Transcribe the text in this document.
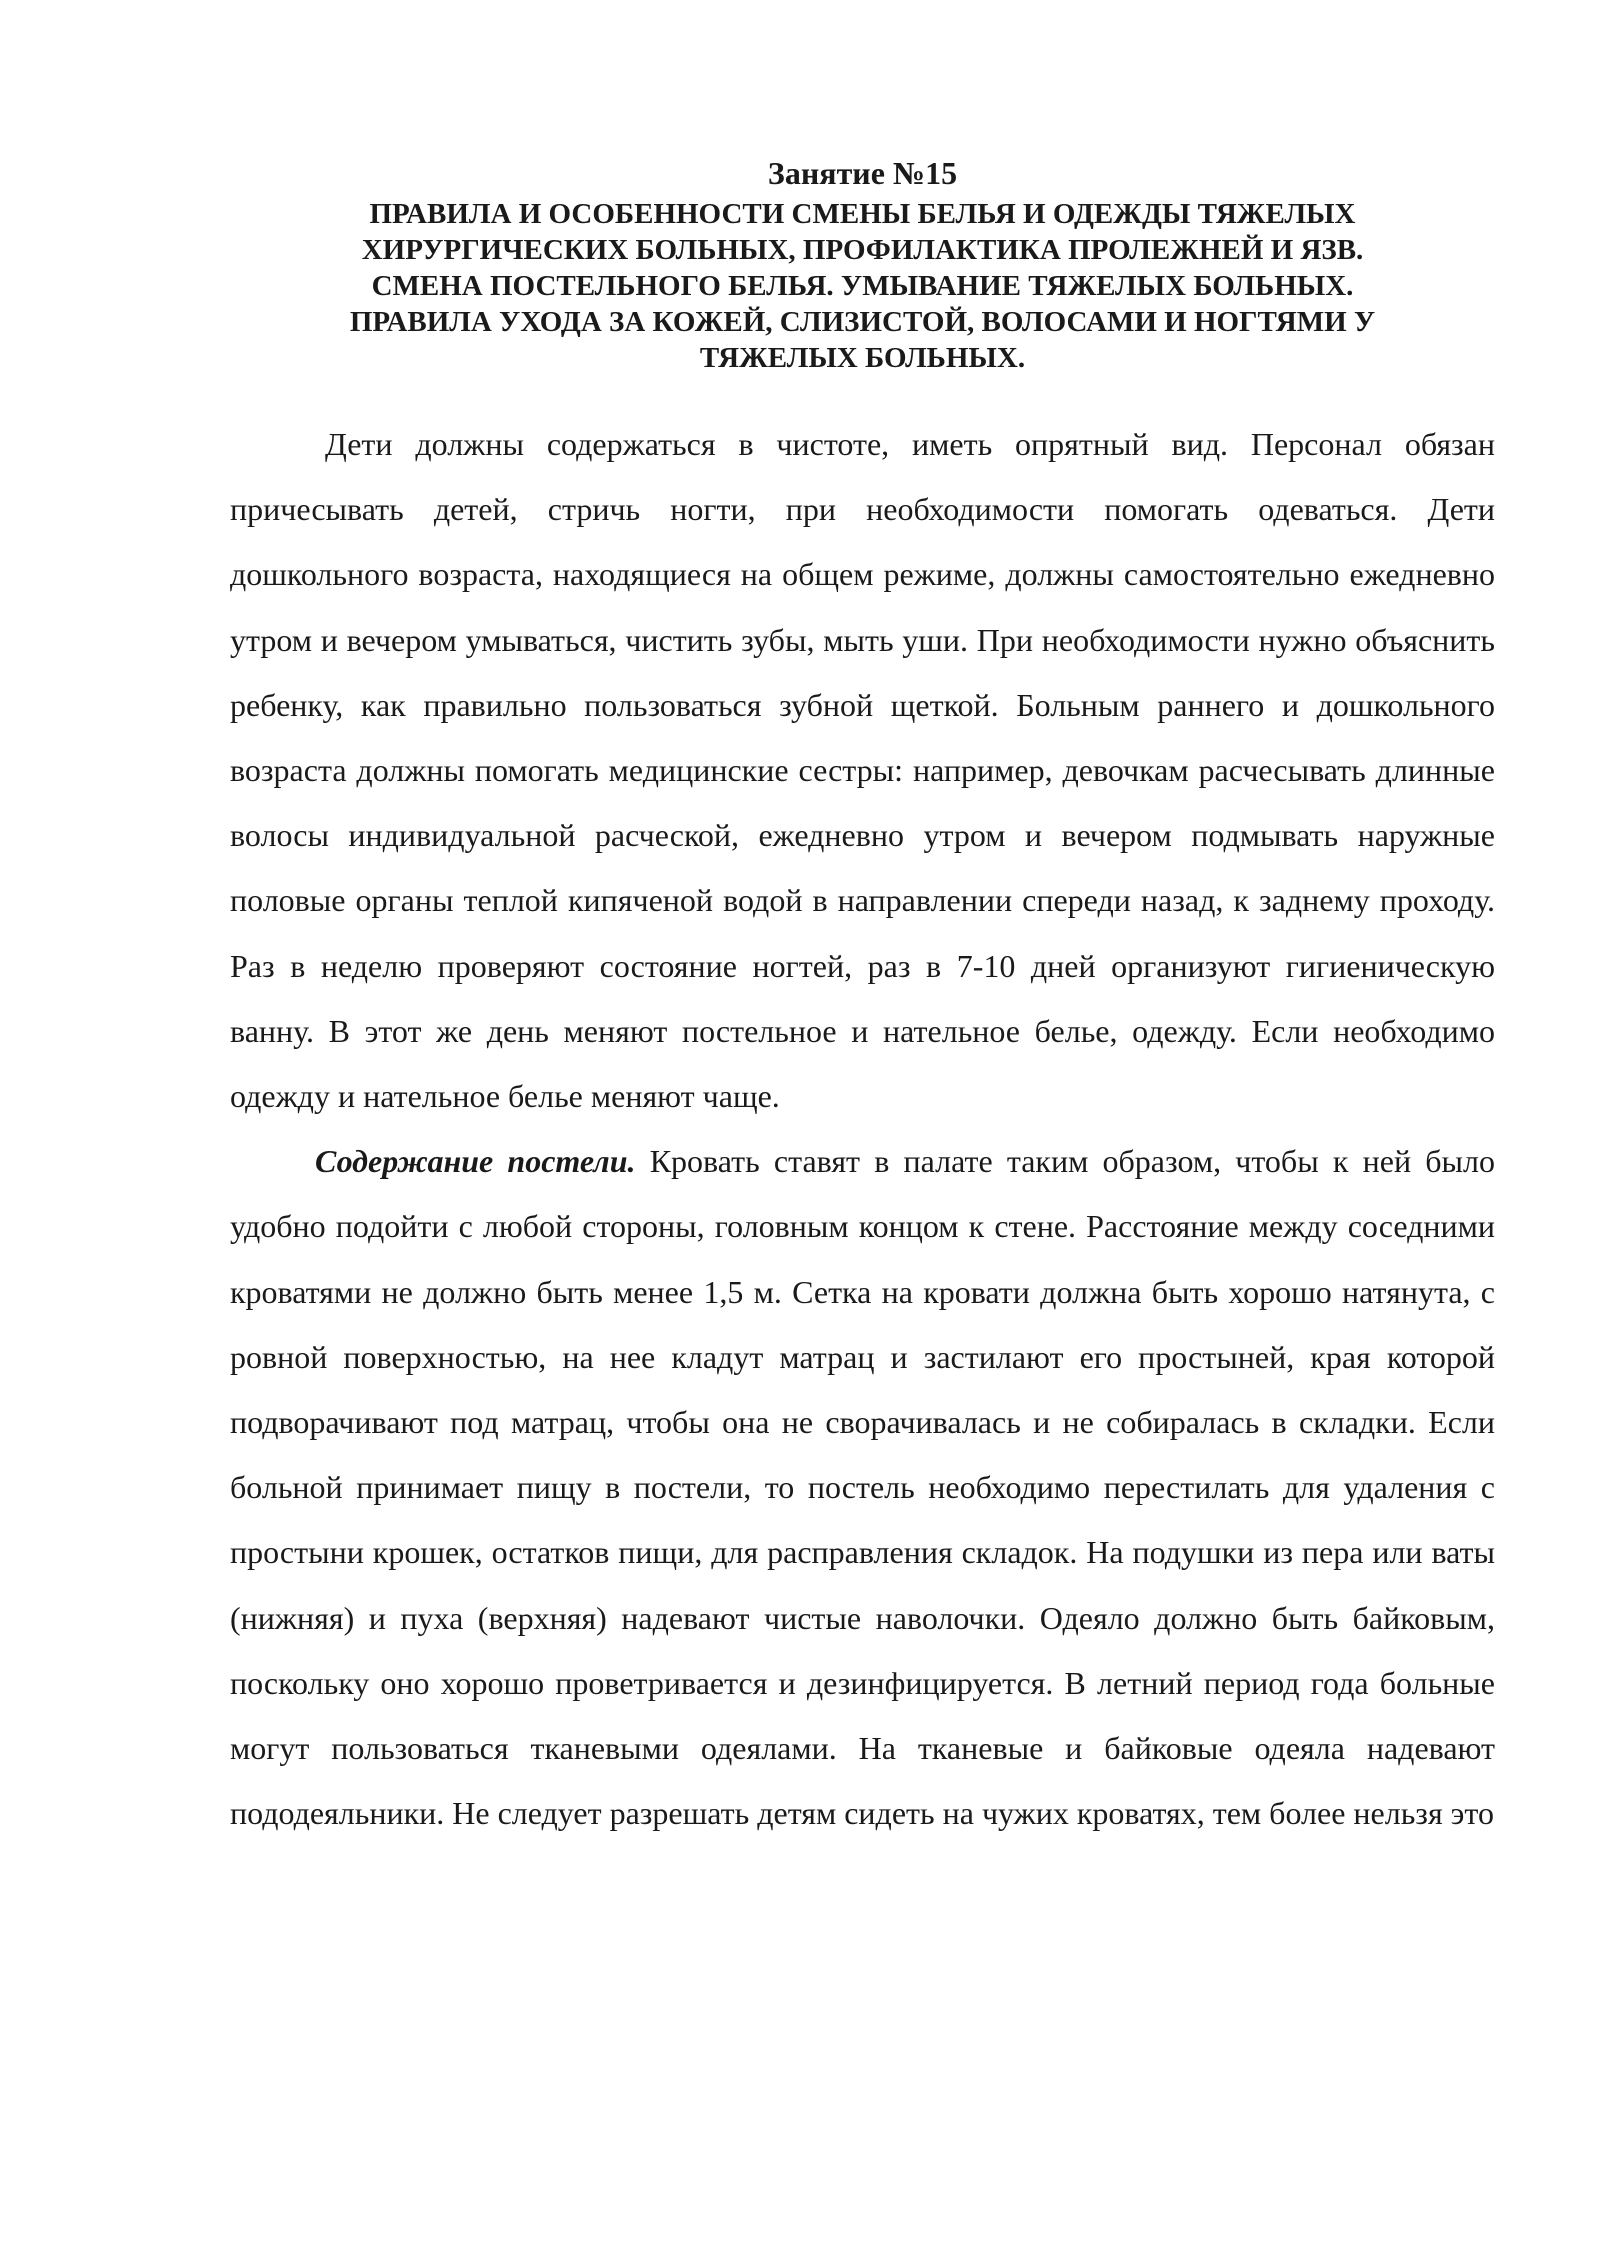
Занятие №15

ПРАВИЛА И ОСОБЕННОСТИ СМЕНЫ БЕЛЬЯ И ОДЕЖДЫ ТЯЖЕЛЫХ

ХИРУРГИЧЕСКИХ БОЛЬНЫХ, ПРОФИЛАКТИКА ПРОЛЕЖНЕЙ И ЯЗВ.

СМЕНА ПОСТЕЛЬНОГО БЕЛЬЯ. УМЫВАНИЕ ТЯЖЕЛЫХ БОЛЬНЫХ.

ПРАВИЛА УХОДА ЗА КОЖЕЙ, СЛИЗИСТОЙ, ВОЛОСАМИ И НОГТЯМИ У

ТЯЖЕЛЫХ БОЛЬНЫХ.

Дети должны содержаться в чистоте, иметь опрятный вид. Персонал обязан причесывать детей, стричь ногти, при необходимости помогать одеваться. Дети дошкольного возраста, находящиеся на общем режиме, должны самостоятельно ежедневно утром и вечером умываться, чистить зубы, мыть уши. При необходимости нужно объяснить ребенку, как правильно пользоваться зубной щеткой. Больным раннего и дошкольного возраста должны помогать медицинские сестры: например, девочкам расчесывать длинные волосы индивидуальной расческой, ежедневно утром и вечером подмывать наружные половые органы теплой кипяченой водой в направлении спереди назад, к заднему проходу. Раз в неделю проверяют состояние ногтей, раз в 7-10 дней организуют гигиеническую ванну. В этот же день меняют постельное и нательное белье, одежду. Если необходимо одежду и нательное белье меняют чаще.

Содержание постели. Кровать ставят в палате таким образом, чтобы к ней было удобно подойти с любой стороны, головным концом к стене. Расстояние между соседними кроватями не должно быть менее 1,5 м. Сетка на кровати должна быть хорошо натянута, с ровной поверхностью, на нее кладут матрац и застилают его простыней, края которой подворачивают под матрац, чтобы она не сворачивалась и не собиралась в складки. Если больной принимает пищу в постели, то постель необходимо перестилать для удаления с простыни крошек, остатков пищи, для расправления складок. На подушки из пера или ваты (нижняя) и пуха (верхняя) надевают чистые наволочки. Одеяло должно быть байковым, поскольку оно хорошо проветривается и дезинфицируется. В летний период года больные могут пользоваться тканевыми одеялами. На тканевые и байковые одеяла надевают пододеяльники. Не следует разрешать детям сидеть на чужих кроватях, тем более нельзя это
